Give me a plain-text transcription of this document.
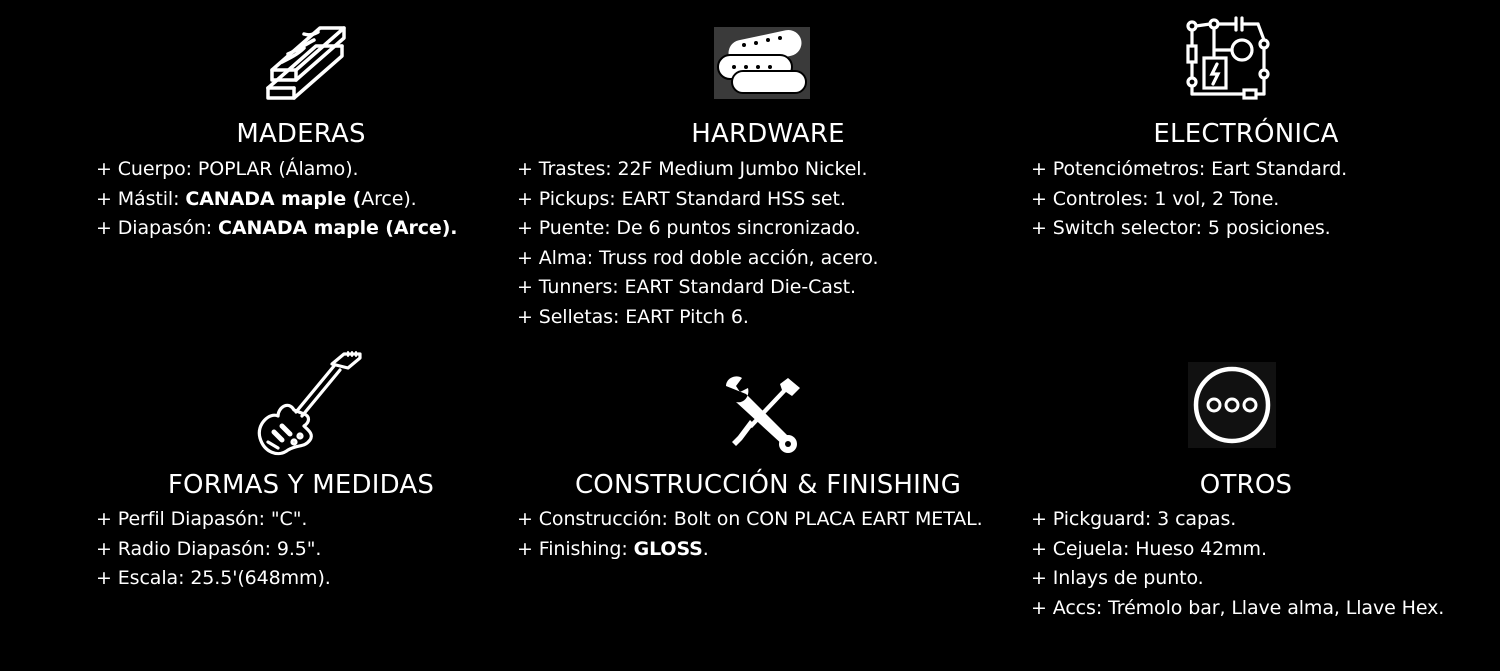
MADERAS
+ Cuerpo: POPLAR (Álamo).
+ Mástil: CANADA maple (Arce).
+ Diapasón: CANADA maple (Arce).
HARDWARE
+ Trastes: 22F Medium Jumbo Nickel.
+ Pickups: EART Standard HSS set.
+ Puente: De 6 puntos sincronizado.
+ Alma: Truss rod doble acción, acero.
+ Tunners: EART Standard Die-Cast.
+ Selletas: EART Pitch 6.
ELECTRÓNICA
+ Potenciómetros: Eart Standard.
+ Controles: 1 vol, 2 Tone.
+ Switch selector: 5 posiciones.
FORMAS Y MEDIDAS
+ Perfil Diapasón: "C".
+ Radio Diapasón: 9.5".
+ Escala: 25.5'(648mm).
CONSTRUCCIÓN & FINISHING
+ Construcción: Bolt on CON PLACA EART METAL.
+ Finishing: GLOSS.
OTROS
+ Pickguard: 3 capas.
+ Cejuela: Hueso 42mm.
+ Inlays de punto.
+ Accs: Trémolo bar, Llave alma, Llave Hex.
